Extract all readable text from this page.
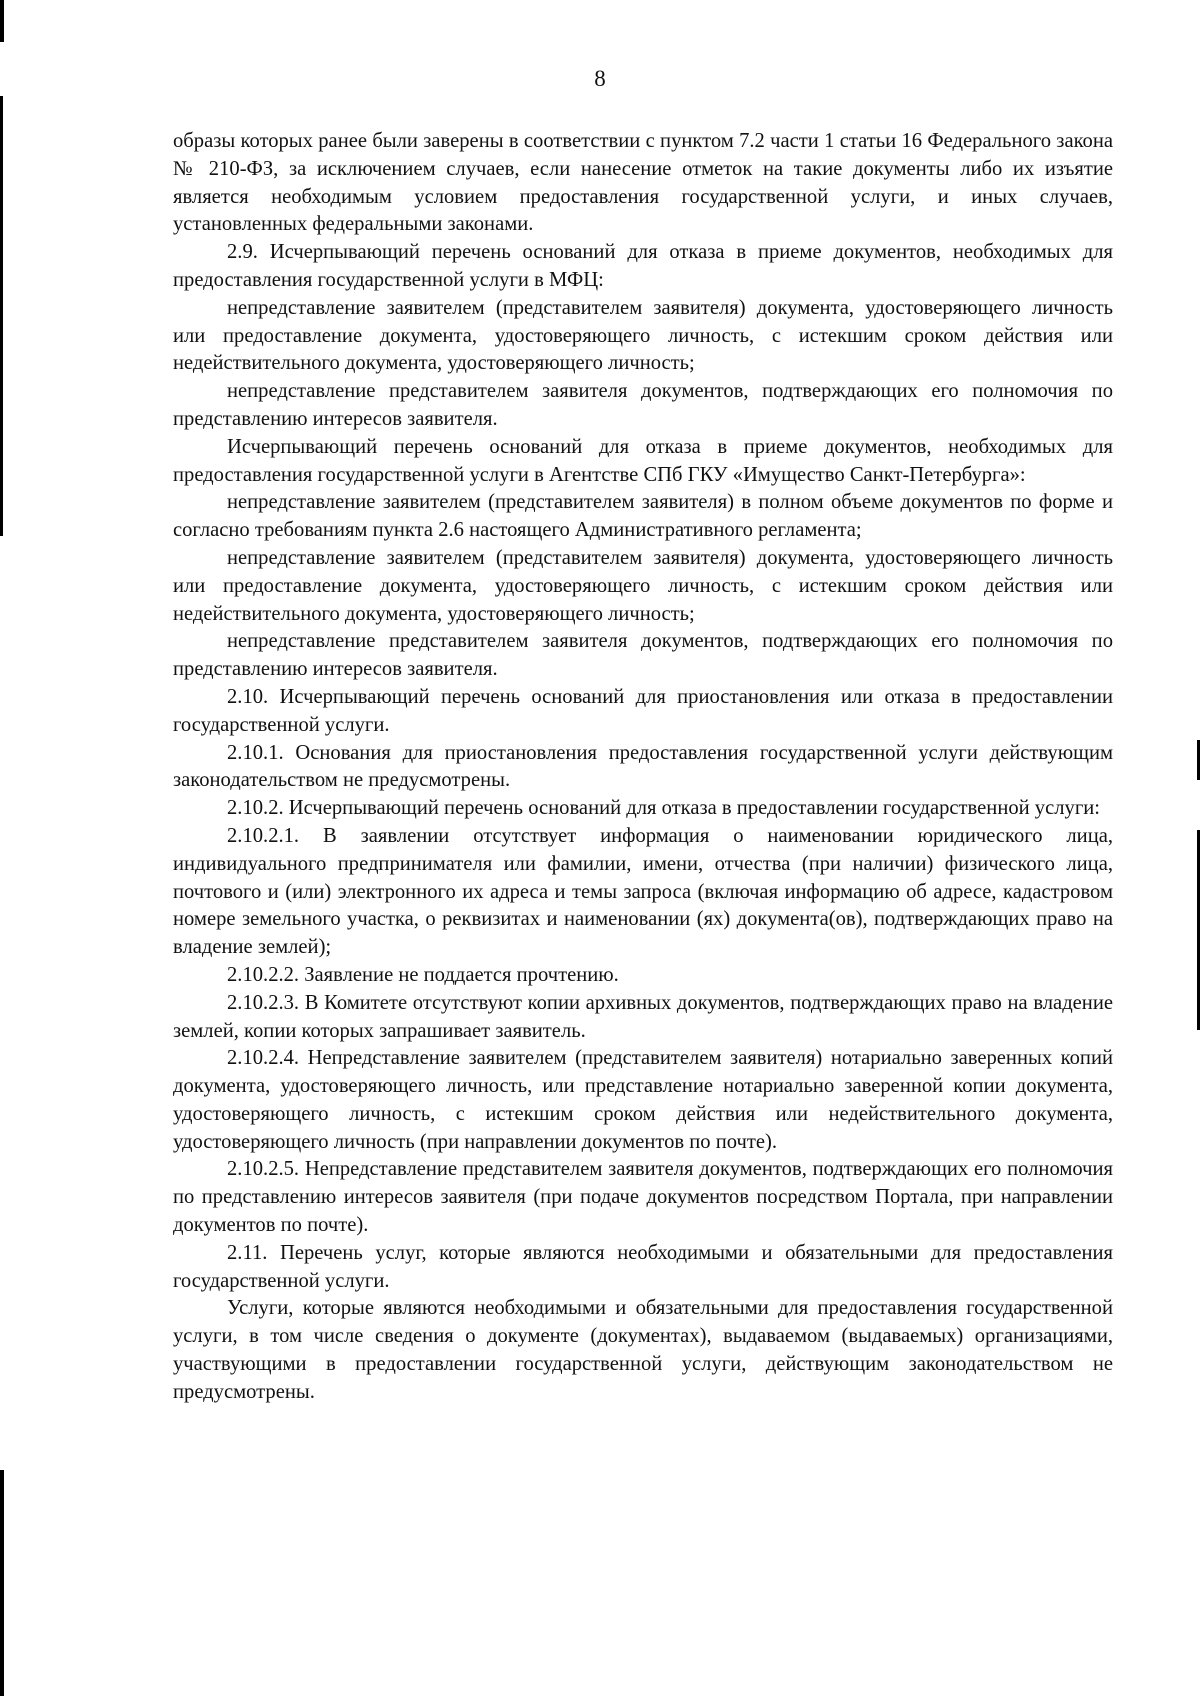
8

образы которых ранее были заверены в соответствии с пунктом 7.2 части 1 статьи 16 Федерального закона № 210-ФЗ, за исключением случаев, если нанесение отметок на такие документы либо их изъятие является необходимым условием предоставления государственной услуги, и иных случаев, установленных федеральными законами.

2.9. Исчерпывающий перечень оснований для отказа в приеме документов, необходимых для предоставления государственной услуги в МФЦ:

непредставление заявителем (представителем заявителя) документа, удостоверяющего личность или предоставление документа, удостоверяющего личность, с истекшим сроком действия или недействительного документа, удостоверяющего личность;

непредставление представителем заявителя документов, подтверждающих его полномочия по представлению интересов заявителя.

Исчерпывающий перечень оснований для отказа в приеме документов, необходимых для предоставления государственной услуги в Агентстве СПб ГКУ «Имущество Санкт-Петербурга»:

непредставление заявителем (представителем заявителя) в полном объеме документов по форме и согласно требованиям пункта 2.6 настоящего Административного регламента;

непредставление заявителем (представителем заявителя) документа, удостоверяющего личность или предоставление документа, удостоверяющего личность, с истекшим сроком действия или недействительного документа, удостоверяющего личность;

непредставление представителем заявителя документов, подтверждающих его полномочия по представлению интересов заявителя.

2.10. Исчерпывающий перечень оснований для приостановления или отказа в предоставлении государственной услуги.

2.10.1. Основания для приостановления предоставления государственной услуги действующим законодательством не предусмотрены.

2.10.2. Исчерпывающий перечень оснований для отказа в предоставлении государственной услуги:

2.10.2.1. В заявлении отсутствует информация о наименовании юридического лица, индивидуального предпринимателя или фамилии, имени, отчества (при наличии) физического лица, почтового и (или) электронного их адреса и темы запроса (включая информацию об адресе, кадастровом номере земельного участка, о реквизитах и наименовании (ях) документа(ов), подтверждающих право на владение землей);

2.10.2.2. Заявление не поддается прочтению.

2.10.2.3. В Комитете отсутствуют копии архивных документов, подтверждающих право на владение землей, копии которых запрашивает заявитель.

2.10.2.4. Непредставление заявителем (представителем заявителя) нотариально заверенных копий документа, удостоверяющего личность, или представление нотариально заверенной копии документа, удостоверяющего личность, с истекшим сроком действия или недействительного документа, удостоверяющего личность (при направлении документов по почте).

2.10.2.5. Непредставление представителем заявителя документов, подтверждающих его полномочия по представлению интересов заявителя (при подаче документов посредством Портала, при направлении документов по почте).

2.11. Перечень услуг, которые являются необходимыми и обязательными для предоставления государственной услуги.

Услуги, которые являются необходимыми и обязательными для предоставления государственной услуги, в том числе сведения о документе (документах), выдаваемом (выдаваемых) организациями, участвующими в предоставлении государственной услуги, действующим законодательством не предусмотрены.
